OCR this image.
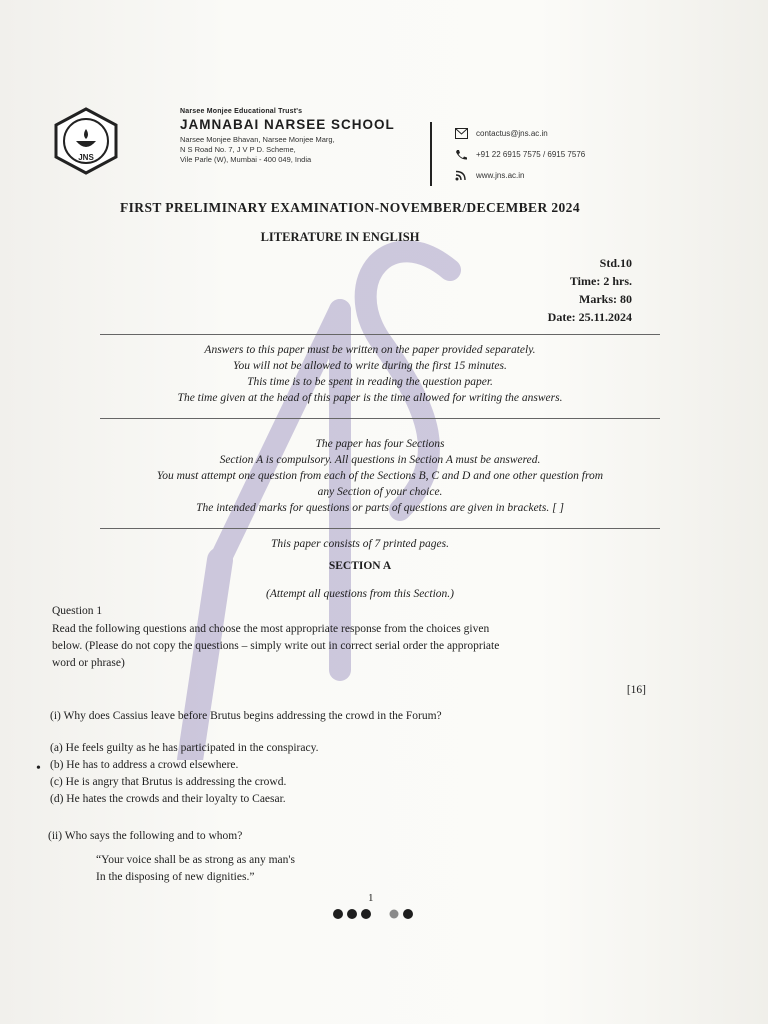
JNS
Narsee Monjee Educational Trust's
JAMNABAI NARSEE SCHOOL
Narsee Monjee Bhavan, Narsee Monjee Marg,
N S Road No. 7, J V P D. Scheme,
Vile Parle (W), Mumbai - 400 049, India
contactus@jns.ac.in
+91 22 6915 7575 / 6915 7576
www.jns.ac.in
FIRST PRELIMINARY EXAMINATION-NOVEMBER/DECEMBER 2024
LITERATURE IN ENGLISH
Std.10
Time: 2 hrs.
Marks: 80
Date: 25.11.2024
Answers to this paper must be written on the paper provided separately.
You will not be allowed to write during the first 15 minutes.
This time is to be spent in reading the question paper.
The time given at the head of this paper is the time allowed for writing the answers.
The paper has four Sections
Section A is compulsory. All questions in Section A must be answered.
You must attempt one question from each of the Sections B, C and D and one other question from
any Section of your choice.
The intended marks for questions or parts of questions are given in brackets. [ ]
This paper consists of 7 printed pages.
SECTION A
(Attempt all questions from this Section.)
Question 1
Read the following questions and choose the most appropriate response from the choices given
below. (Please do not copy the questions – simply write out in correct serial order the appropriate
word or phrase)
[16]
(i) Why does Cassius leave before Brutus begins addressing the crowd in the Forum?
(a) He feels guilty as he has participated in the conspiracy.
(b) He has to address a crowd elsewhere.
(c) He is angry that Brutus is addressing the crowd.
(d) He hates the crowds and their loyalty to Caesar.
•
(ii) Who says the following and to whom?
“Your voice shall be as strong as any man's
In the disposing of new dignities.”
1
